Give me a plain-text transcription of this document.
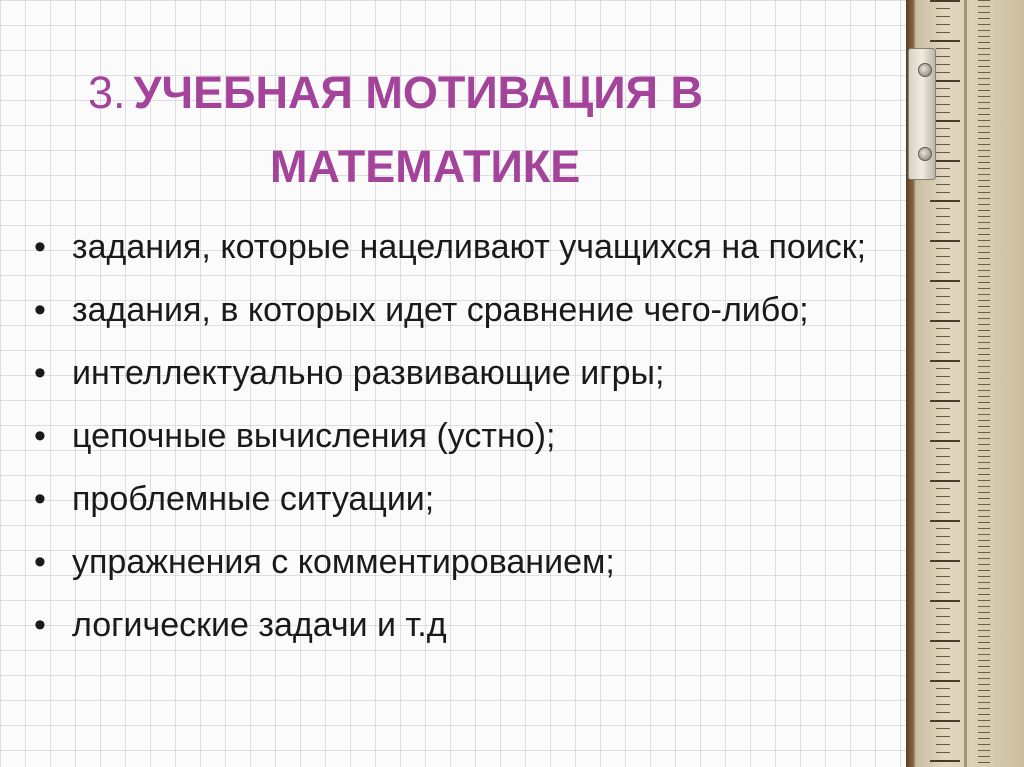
3. УЧЕБНАЯ МОТИВАЦИЯ В
МАТЕМАТИКЕ
• задания, которые нацеливают учащихся на поиск;
• задания, в которых идет сравнение чего-либо;
• интеллектуально развивающие игры;
• цепочные вычисления (устно);
• проблемные ситуации;
• упражнения с комментированием;
• логические задачи и т.д
